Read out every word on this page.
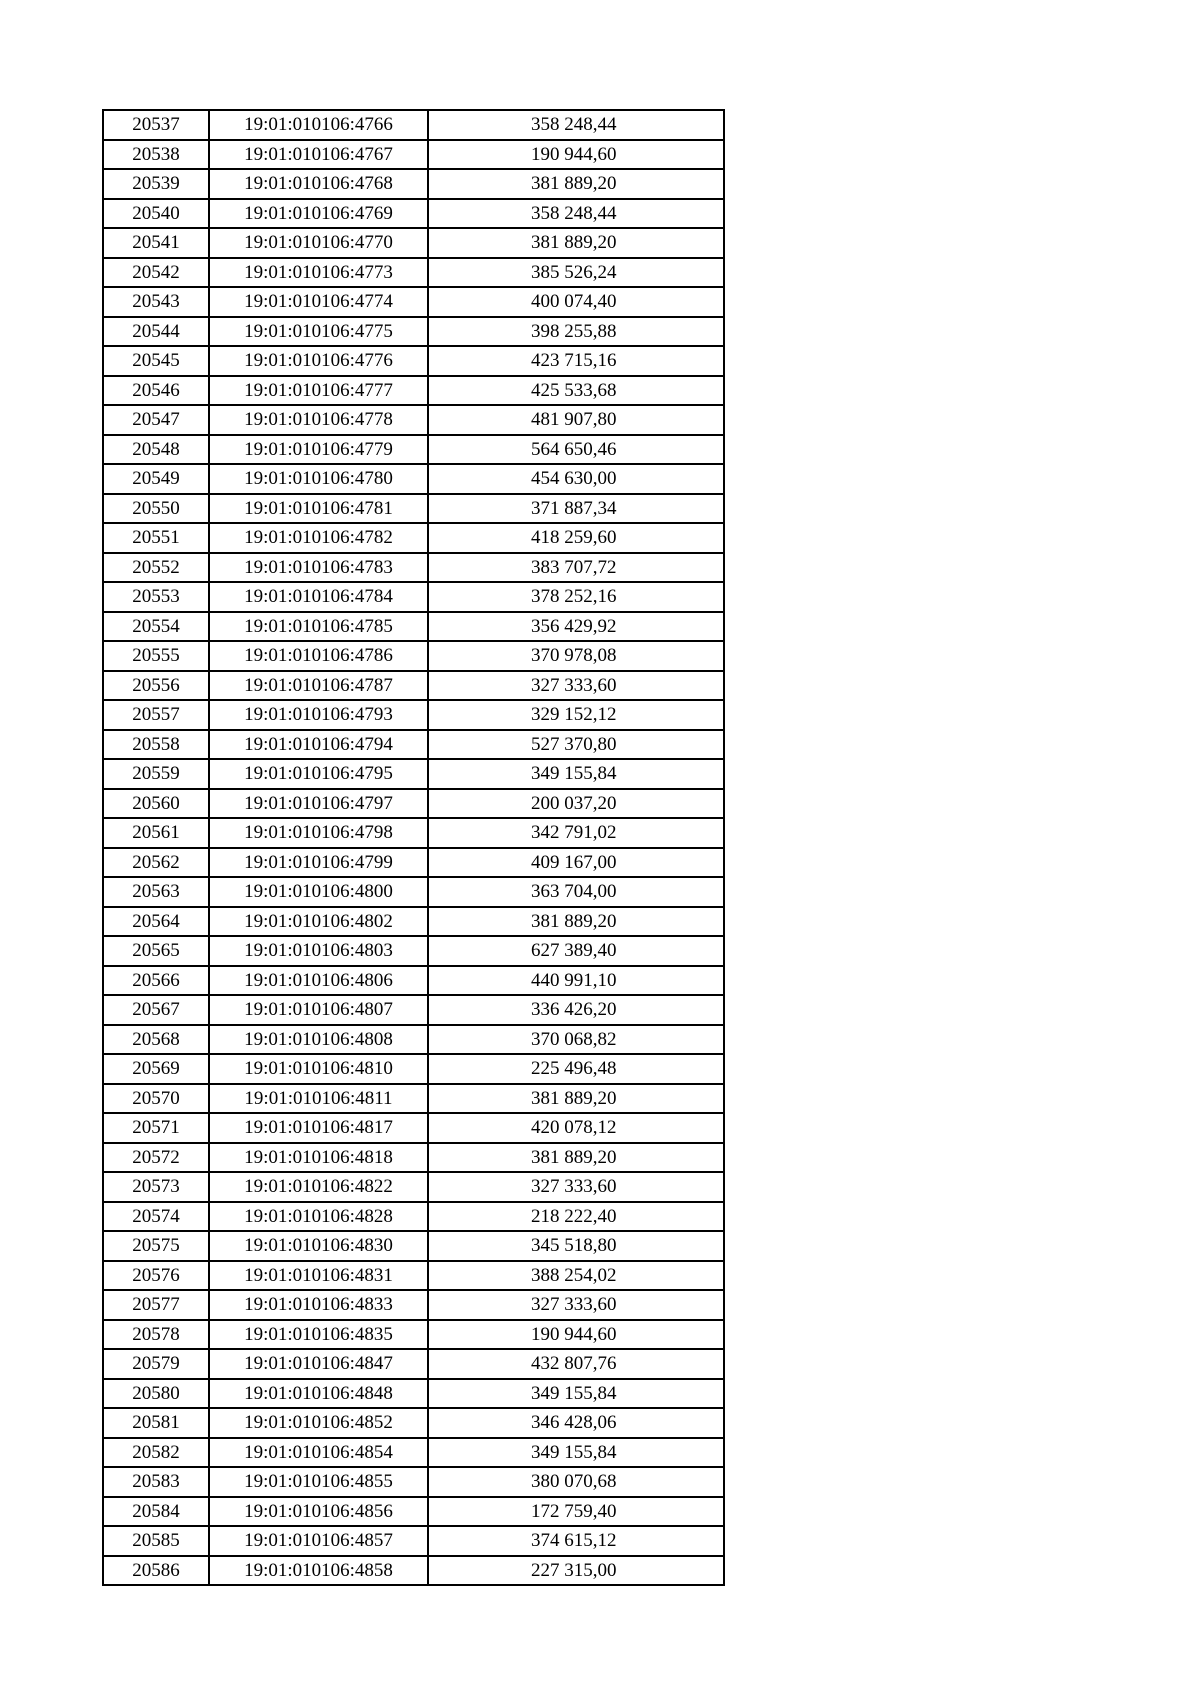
20537	19:01:010106:4766	358 248,44
20538	19:01:010106:4767	190 944,60
20539	19:01:010106:4768	381 889,20
20540	19:01:010106:4769	358 248,44
20541	19:01:010106:4770	381 889,20
20542	19:01:010106:4773	385 526,24
20543	19:01:010106:4774	400 074,40
20544	19:01:010106:4775	398 255,88
20545	19:01:010106:4776	423 715,16
20546	19:01:010106:4777	425 533,68
20547	19:01:010106:4778	481 907,80
20548	19:01:010106:4779	564 650,46
20549	19:01:010106:4780	454 630,00
20550	19:01:010106:4781	371 887,34
20551	19:01:010106:4782	418 259,60
20552	19:01:010106:4783	383 707,72
20553	19:01:010106:4784	378 252,16
20554	19:01:010106:4785	356 429,92
20555	19:01:010106:4786	370 978,08
20556	19:01:010106:4787	327 333,60
20557	19:01:010106:4793	329 152,12
20558	19:01:010106:4794	527 370,80
20559	19:01:010106:4795	349 155,84
20560	19:01:010106:4797	200 037,20
20561	19:01:010106:4798	342 791,02
20562	19:01:010106:4799	409 167,00
20563	19:01:010106:4800	363 704,00
20564	19:01:010106:4802	381 889,20
20565	19:01:010106:4803	627 389,40
20566	19:01:010106:4806	440 991,10
20567	19:01:010106:4807	336 426,20
20568	19:01:010106:4808	370 068,82
20569	19:01:010106:4810	225 496,48
20570	19:01:010106:4811	381 889,20
20571	19:01:010106:4817	420 078,12
20572	19:01:010106:4818	381 889,20
20573	19:01:010106:4822	327 333,60
20574	19:01:010106:4828	218 222,40
20575	19:01:010106:4830	345 518,80
20576	19:01:010106:4831	388 254,02
20577	19:01:010106:4833	327 333,60
20578	19:01:010106:4835	190 944,60
20579	19:01:010106:4847	432 807,76
20580	19:01:010106:4848	349 155,84
20581	19:01:010106:4852	346 428,06
20582	19:01:010106:4854	349 155,84
20583	19:01:010106:4855	380 070,68
20584	19:01:010106:4856	172 759,40
20585	19:01:010106:4857	374 615,12
20586	19:01:010106:4858	227 315,00
